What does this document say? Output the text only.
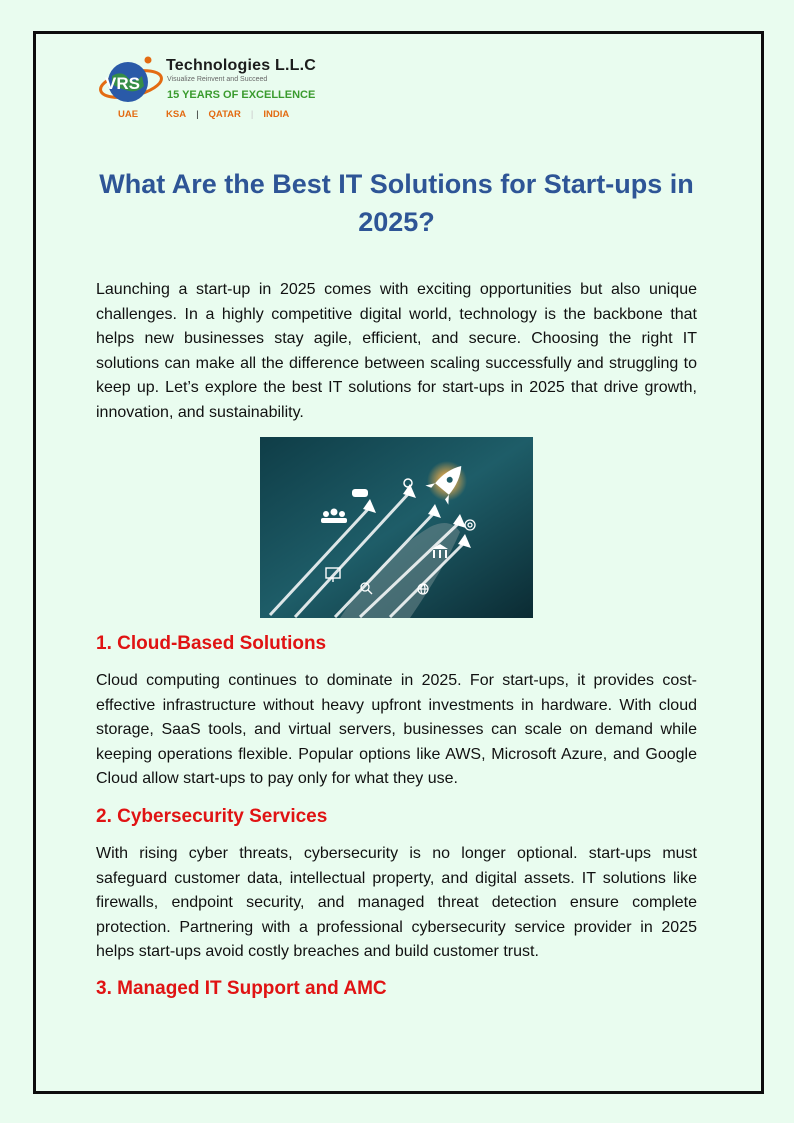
VRS
Technologies L.L.C
Visualize Reinvent and Succeed
15 YEARS OF EXCELLENCE
UAE	KSA | QATAR | INDIA
What Are the Best IT Solutions for Start-ups in 2025?

Launching a start-up in 2025 comes with exciting opportunities but also unique challenges. In a highly competitive digital world, technology is the backbone that helps new businesses stay agile, efficient, and secure. Choosing the right IT solutions can make all the difference between scaling successfully and struggling to keep up. Let’s explore the best IT solutions for start-ups in 2025 that drive growth, innovation, and sustainability.

1. Cloud-Based Solutions

Cloud computing continues to dominate in 2025. For start-ups, it provides cost-effective infrastructure without heavy upfront investments in hardware. With cloud storage, SaaS tools, and virtual servers, businesses can scale on demand while keeping operations flexible. Popular options like AWS, Microsoft Azure, and Google Cloud allow start-ups to pay only for what they use.

2. Cybersecurity Services

With rising cyber threats, cybersecurity is no longer optional. start-ups must safeguard customer data, intellectual property, and digital assets. IT solutions like firewalls, endpoint security, and managed threat detection ensure complete protection. Partnering with a professional cybersecurity service provider in 2025 helps start-ups avoid costly breaches and build customer trust.

3. Managed IT Support and AMC
